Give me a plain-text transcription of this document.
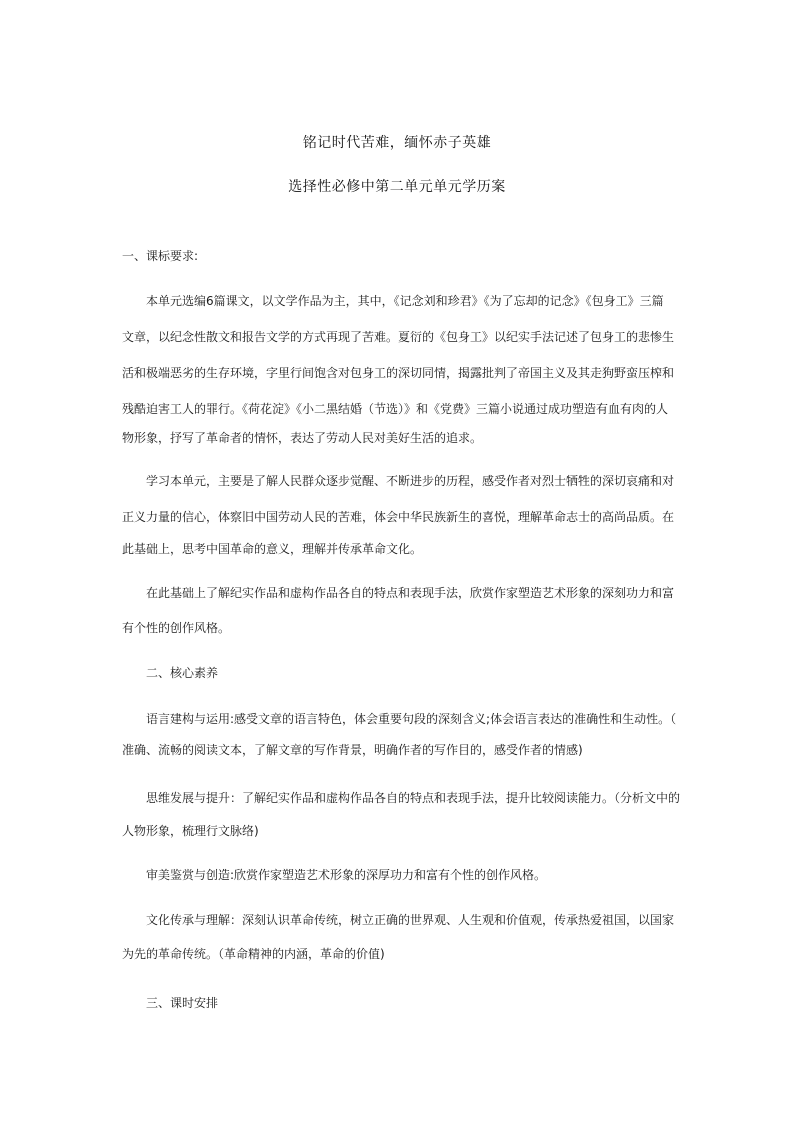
铭记时代苦难，缅怀赤子英雄
选择性必修中第二单元单元学历案
一、课标要求:
本单元选编6篇课文，以文学作品为主，其中，《记念刘和珍君》《为了忘却的记念》《包身工》三篇
文章，以纪念性散文和报告文学的方式再现了苦难。夏衍的《包身工》以纪实手法记述了包身工的悲惨生
活和极端恶劣的生存环境，字里行间饱含对包身工的深切同情，揭露批判了帝国主义及其走狗野蛮压榨和
残酷迫害工人的罪行。《荷花淀》《小二黑结婚（节选）》和《党费》三篇小说通过成功塑造有血有肉的人
物形象，抒写了革命者的情怀，表达了劳动人民对美好生活的追求。
学习本单元，主要是了解人民群众逐步觉醒、不断进步的历程，感受作者对烈士牺牲的深切哀痛和对
正义力量的信心，体察旧中国劳动人民的苦难，体会中华民族新生的喜悦，理解革命志士的高尚品质。在
此基础上，思考中国革命的意义，理解并传承革命文化。
在此基础上了解纪实作品和虚构作品各自的特点和表现手法，欣赏作家塑造艺术形象的深刻功力和富
有个性的创作风格。
二、核心素养
语言建构与运用:感受文章的语言特色，体会重要句段的深刻含义;体会语言表达的准确性和生动性。（
准确、流畅的阅读文本，了解文章的写作背景，明确作者的写作目的，感受作者的情感)
思维发展与提升：了解纪实作品和虚构作品各自的特点和表现手法，提升比较阅读能力。（分析文中的
人物形象，梳理行文脉络)
审美鉴赏与创造:欣赏作家塑造艺术形象的深厚功力和富有个性的创作风格。
文化传承与理解：深刻认识革命传统，树立正确的世界观、人生观和价值观，传承热爱祖国，以国家
为先的革命传统。（革命精神的内涵，革命的价值)
三、课时安排
